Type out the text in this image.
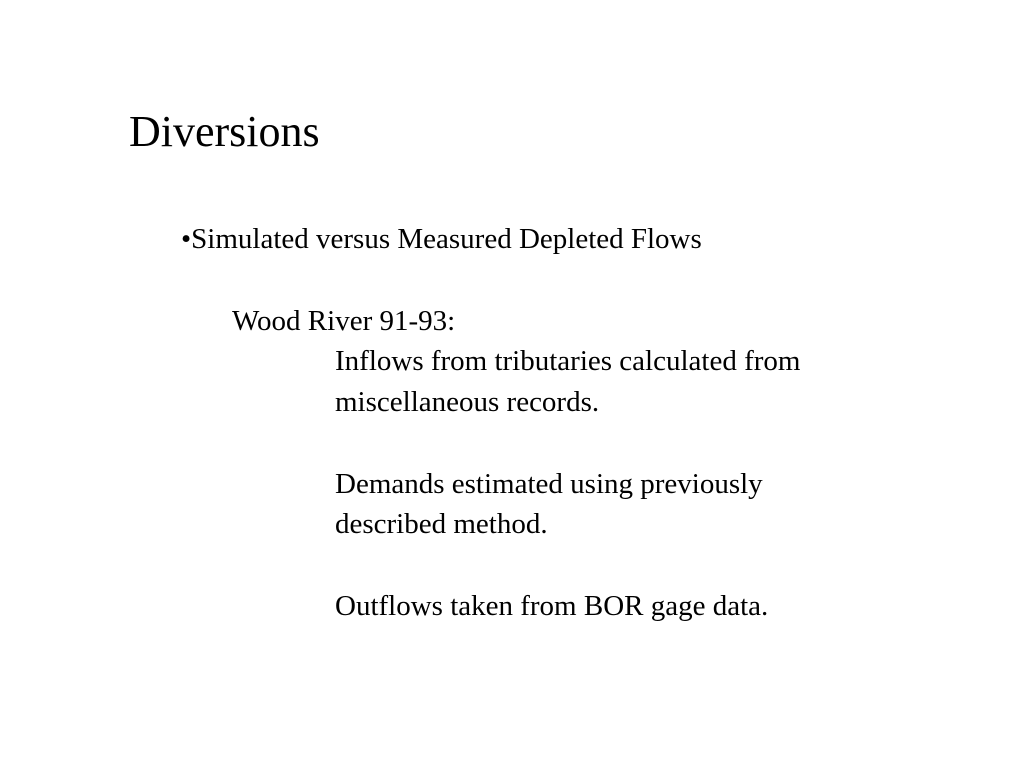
Diversions
•Simulated versus Measured Depleted Flows
Wood River 91-93:
Inflows from tributaries calculated from
miscellaneous records.
Demands estimated using previously
described method.
Outflows taken from BOR gage data.
